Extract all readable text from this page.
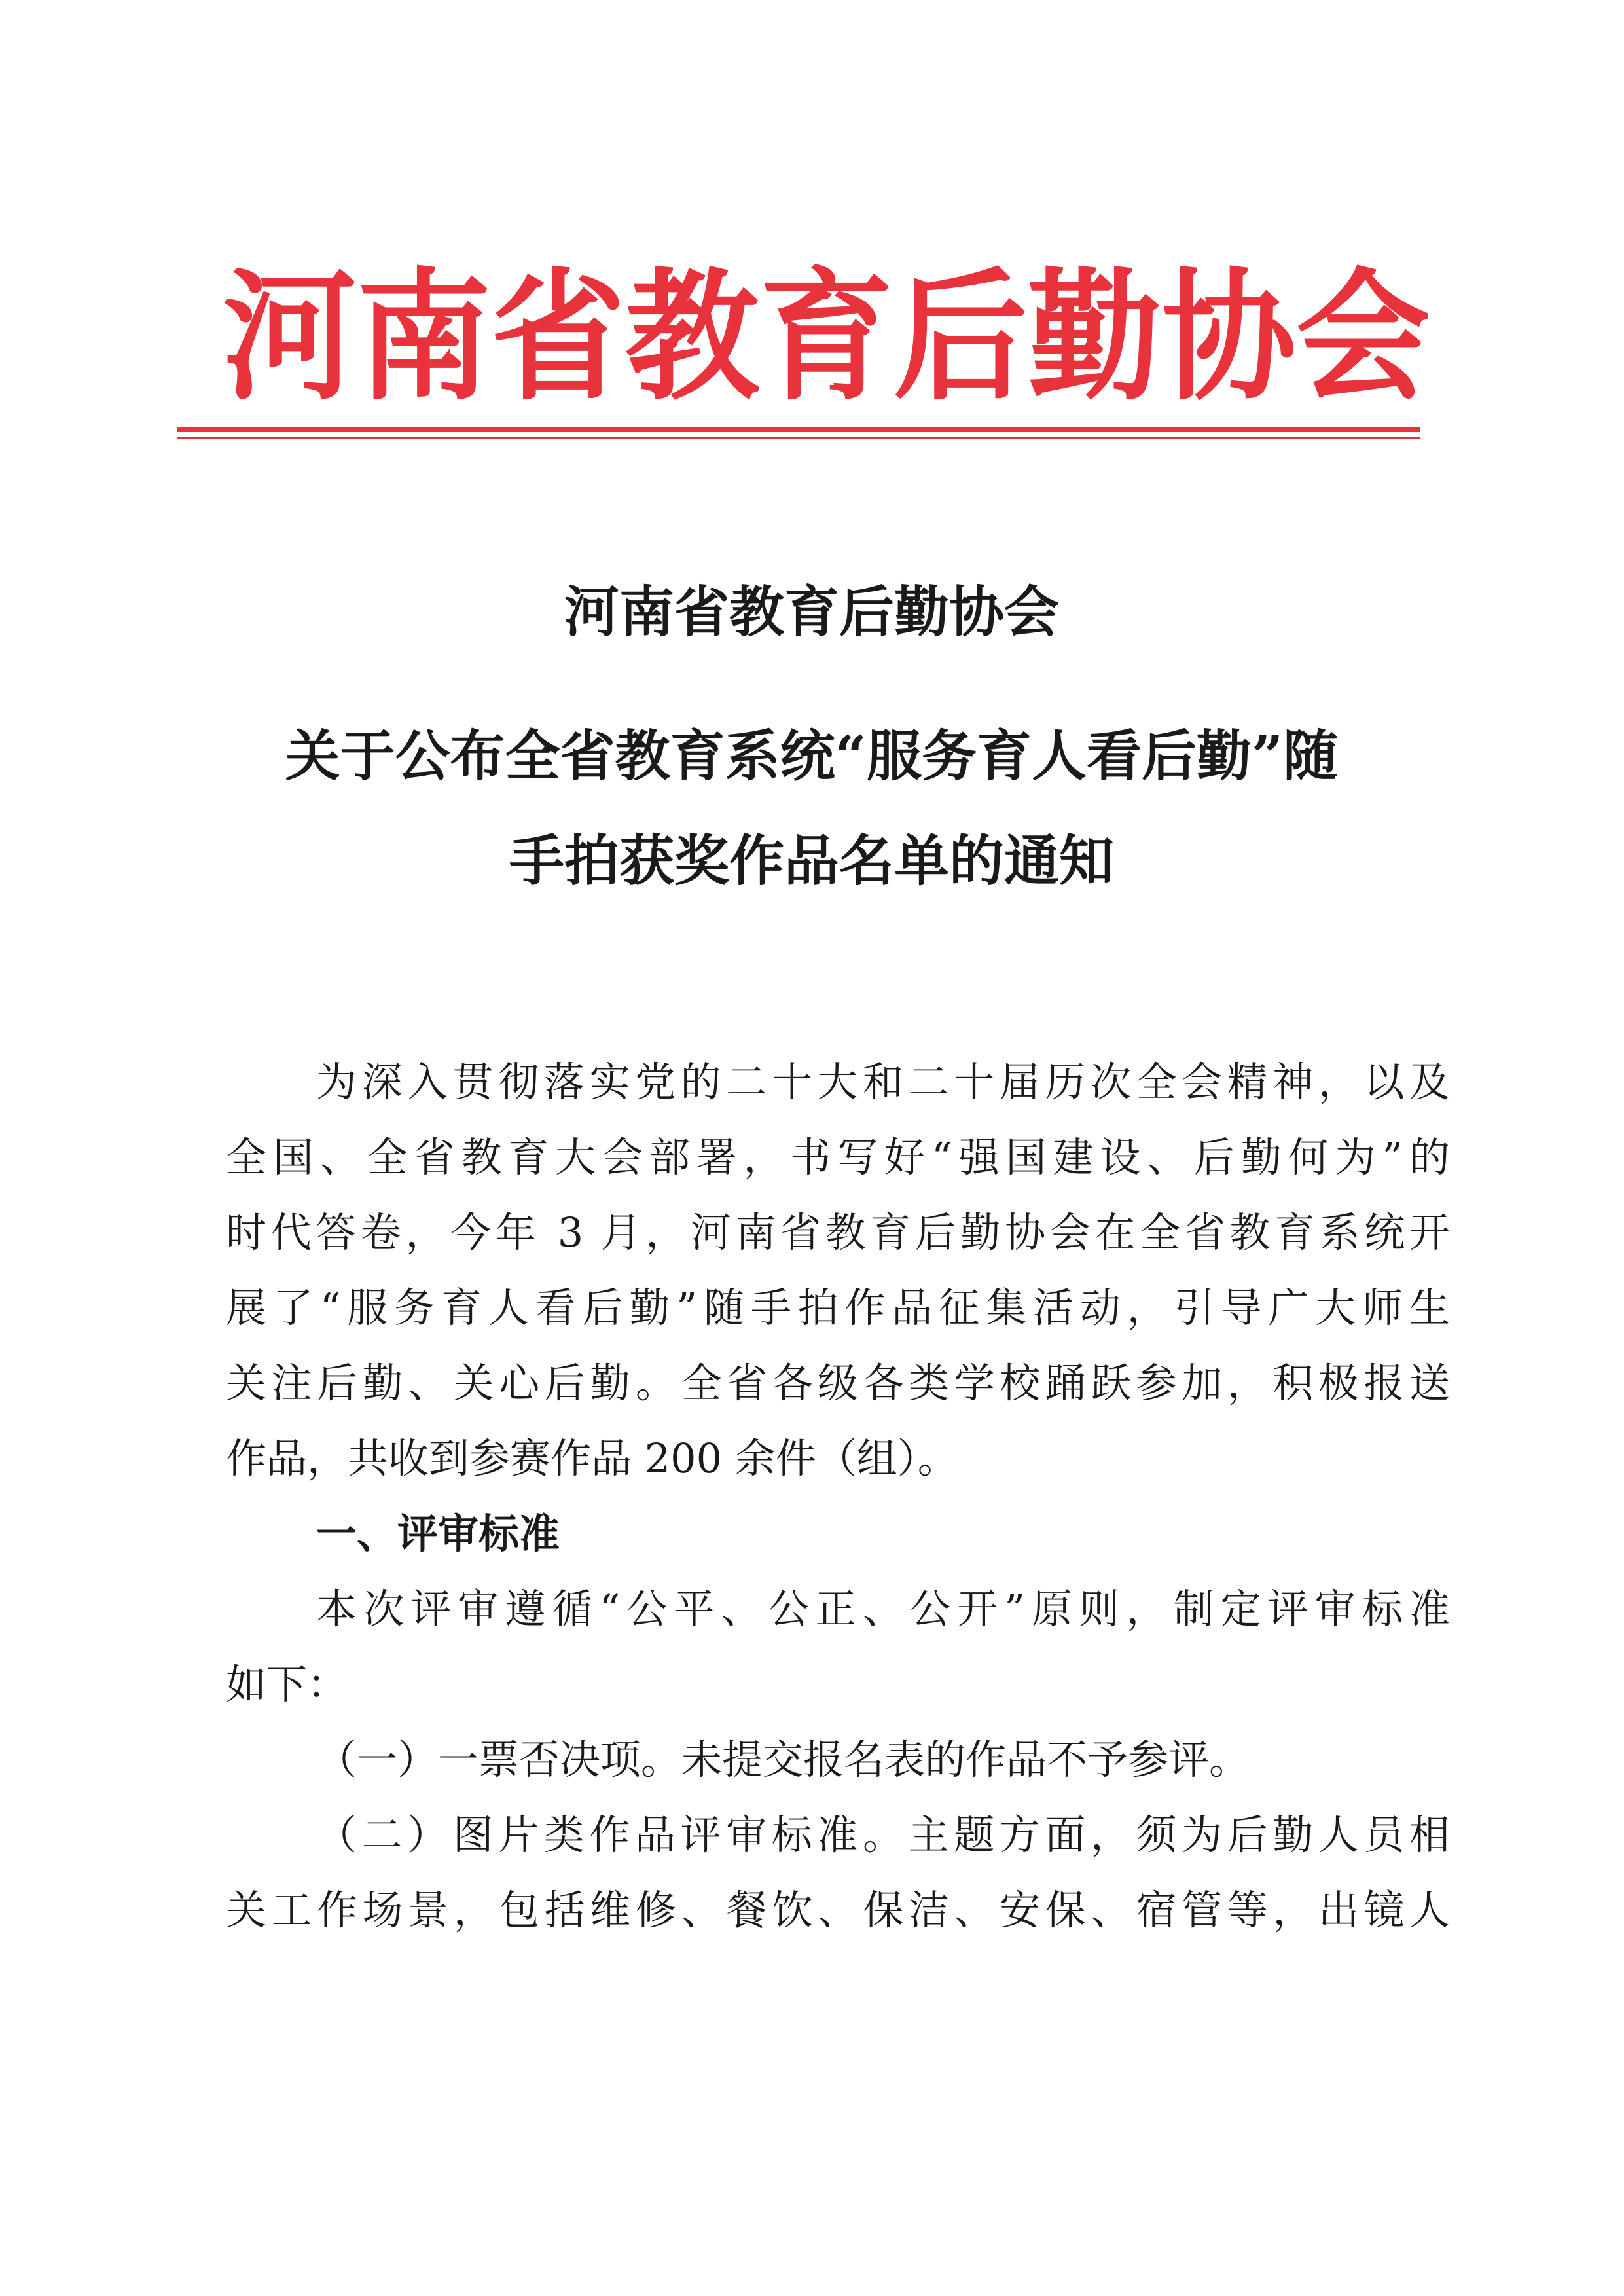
河南省教育后勤协会
河南省教育后勤协会
关于公布全省教育系统“服务育人看后勤”随
手拍获奖作品名单的通知
为深入贯彻落实党的二十大和二十届历次全会精神，以及
全国、全省教育大会部署，书写好“强国建设、后勤何为”的
时代答卷，今年 3 月，河南省教育后勤协会在全省教育系统开
展了“服务育人看后勤”随手拍作品征集活动，引导广大师生
关注后勤、关心后勤。全省各级各类学校踊跃参加，积极报送
作品，共收到参赛作品 200 余件（组）。
一、评审标准
本次评审遵循“公平、公正、公开”原则，制定评审标准
如下：
（一）一票否决项。未提交报名表的作品不予参评。
（二）图片类作品评审标准。主题方面，须为后勤人员相
关工作场景，包括维修、餐饮、保洁、安保、宿管等，出镜人
